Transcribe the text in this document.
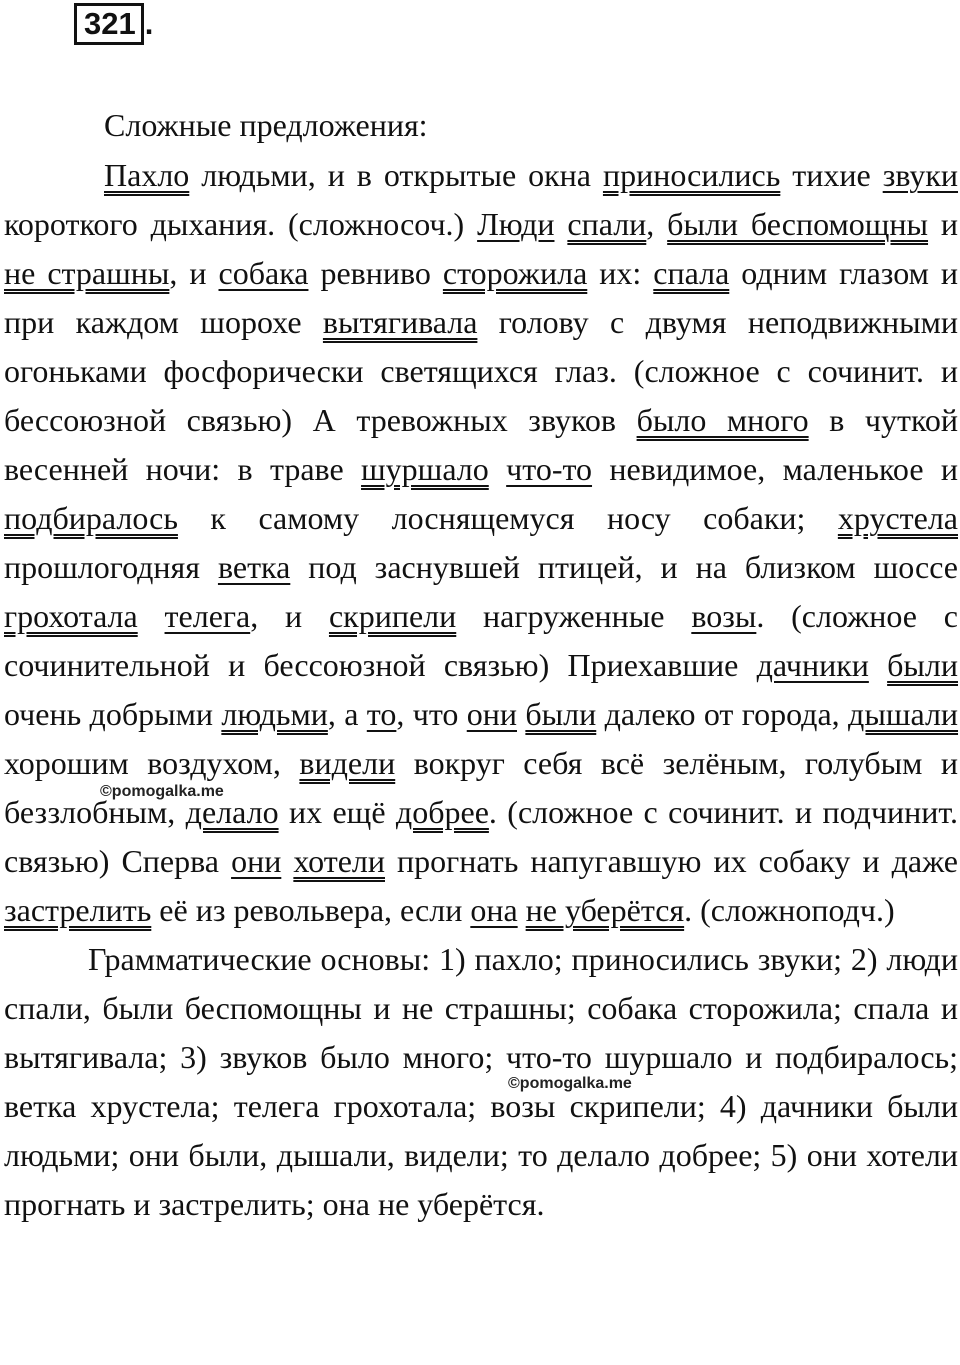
321 .
Сложные предложения:

Пахло людьми, и в открытые окна приносились тихие звуки короткого дыхания. (сложносоч.) Люди спали, были беспомощны и не страшны, и собака ревниво сторожила их: спала одним глазом и при каждом шорохе вытягивала голову с двумя неподвижными огоньками фосфорически светящихся глаз. (сложное с сочинит. и бессоюзной связью) А тревожных звуков было много в чуткой весенней ночи: в траве шуршало что-то невидимое, маленькое и подбиралось к самому лоснящемуся носу собаки; хрустела прошлогодняя ветка под заснувшей птицей, и на близком шоссе грохотала телега, и скрипели нагруженные возы. (сложное с сочинительной и бессоюзной связью) Приехавшие дачники были очень добрыми людьми, а то, что они были далеко от города, дышали хорошим воздухом, видели вокруг себя всё зелёным, голубым и беззлобным, делало их ещё добрее. (сложное с сочинит. и подчинит. связью) Сперва они хотели прогнать напугавшую их собаку и даже застрелить её из револьвера, если она не уберётся. (сложноподч.)

Грамматические основы: 1) пахло; приносились звуки; 2) люди спали, были беспомощны и не страшны; собака сторожила; спала и вытягивала; 3) звуков было много; что-то шуршало и подбиралось; ветка хрустела; телега грохотала; возы скрипели; 4) дачники были людьми; они были, дышали, видели; то делало добрее; 5) они хотели прогнать и застрелить; она не уберётся.

©pomogalka.me
©pomogalka.me
